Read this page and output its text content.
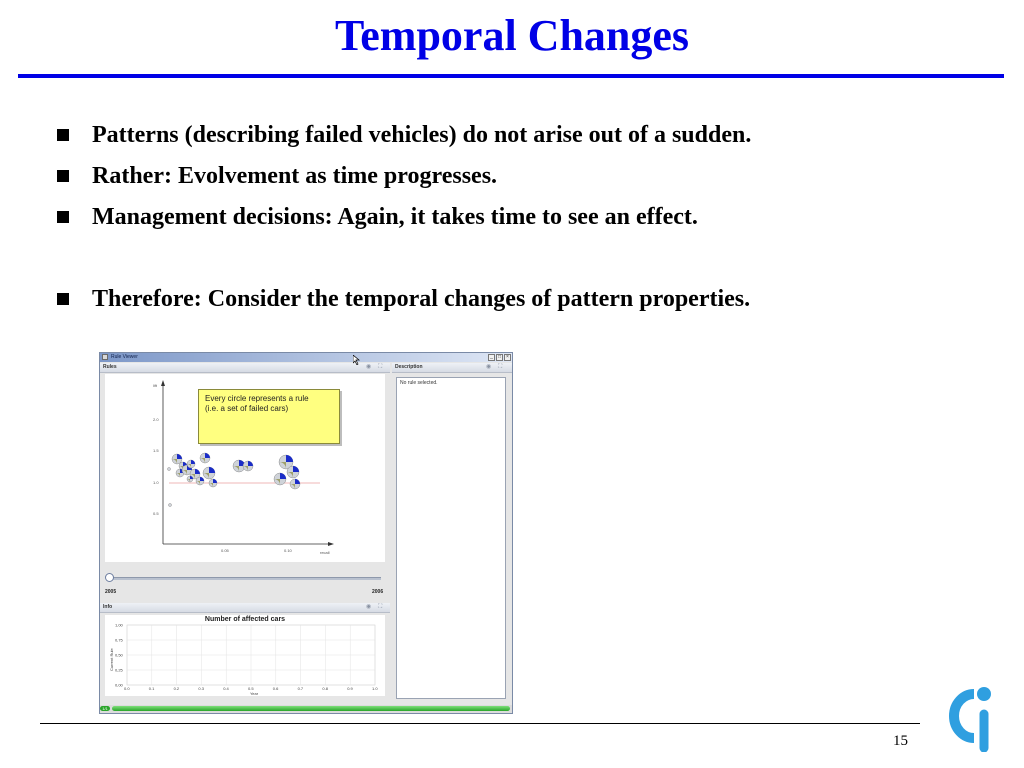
Temporal Changes
Patterns (describing failed vehicles) do not arise out of a sudden.
Rather: Evolvement as time progresses.
Management decisions: Again, it takes time to see an effect.
Therefore: Consider the temporal changes of pattern properties.
Rule Viewer	_	□	×
Rules	◉ ⛶
lift
2.0
1.5
1.0
0.5
0.05	0.10	recall
Every circle represents a rule
(i.e. a set of failed cars)
2005	2006
Info	◉ ⛶
Number of affected cars
0.0	0.1	0.2	0.3	0.4	0.5	0.6	0.7	0.8	0.9	1.0
1,00
0,75
0,50
0,25
0,00
Current Rule
Year
Description	◉ ⛶
No rule selected.
1/1
15
